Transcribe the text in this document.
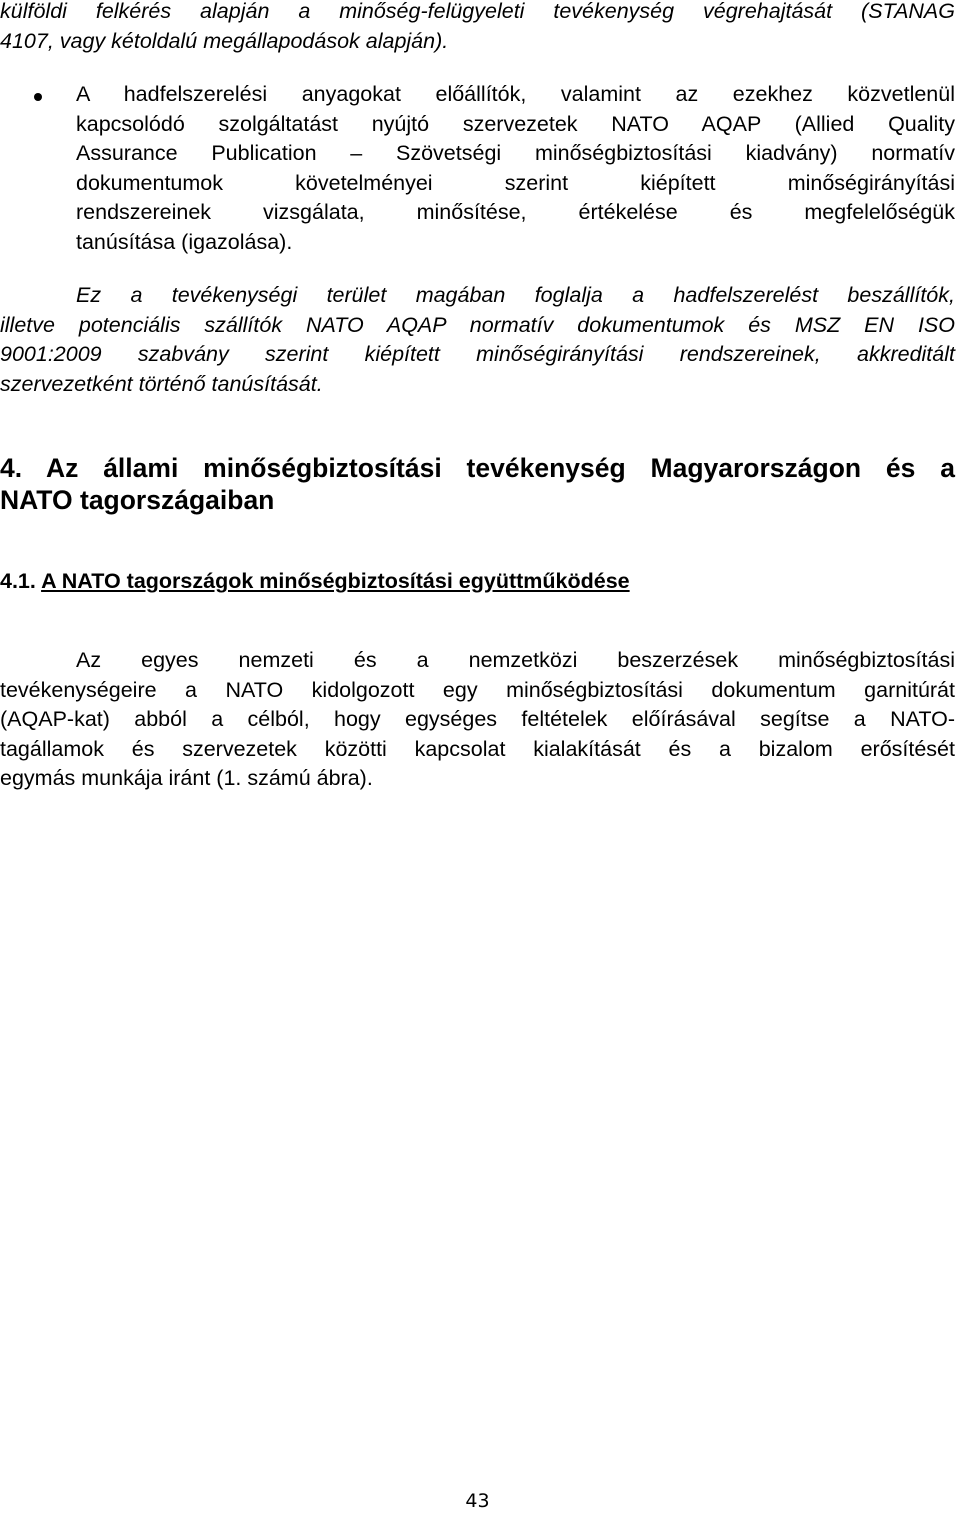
külföldi felkérés alapján a minőség-felügyeleti tevékenység végrehajtását (STANAG
4107, vagy kétoldalú megállapodások alapján).
A hadfelszerelési anyagokat előállítók, valamint az ezekhez közvetlenül
kapcsolódó szolgáltatást nyújtó szervezetek NATO AQAP (Allied Quality
Assurance Publication – Szövetségi minőségbiztosítási kiadvány) normatív
dokumentumok követelményei szerint kiépített minőségirányítási
rendszereinek vizsgálata, minősítése, értékelése és megfelelőségük
tanúsítása (igazolása).
Ez a tevékenységi terület magában foglalja a hadfelszerelést beszállítók,
illetve potenciális szállítók NATO AQAP normatív dokumentumok és MSZ EN ISO
9001:2009 szabvány szerint kiépített minőségirányítási rendszereinek, akkreditált
szervezetként történő tanúsítását.
4. Az állami minőségbiztosítási tevékenység Magyarországon és a
NATO tagországaiban
4.1. A NATO tagországok minőségbiztosítási együttműködése
Az egyes nemzeti és a nemzetközi beszerzések minőségbiztosítási
tevékenységeire a NATO kidolgozott egy minőségbiztosítási dokumentum garnitúrát
(AQAP-kat) abból a célból, hogy egységes feltételek előírásával segítse a NATO-
tagállamok és szervezetek közötti kapcsolat kialakítását és a bizalom erősítését
egymás munkája iránt (1. számú ábra).
43
